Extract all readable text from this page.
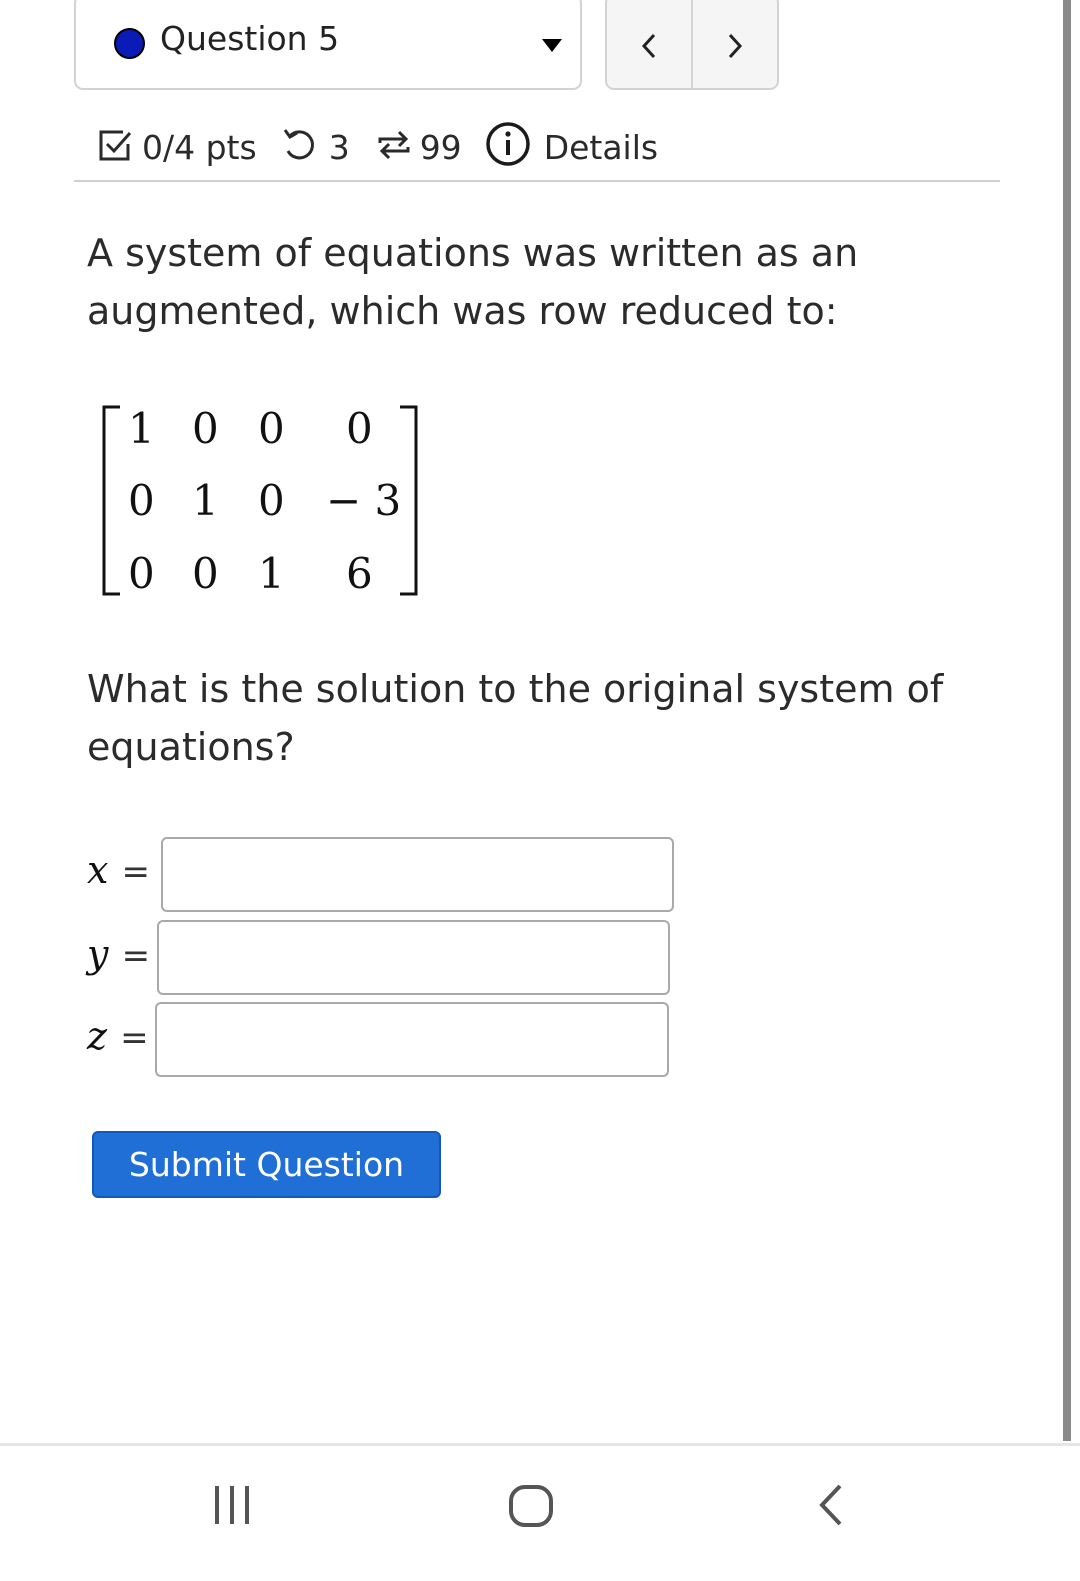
Question 5
0/4 pts 3 99 Details
A system of equations was written as an augmented, which was row reduced to:
1 0 0 0
0 1 0 − 3
0 0 1 6
What is the solution to the original system of equations?
x =
y =
z =
Submit Question
